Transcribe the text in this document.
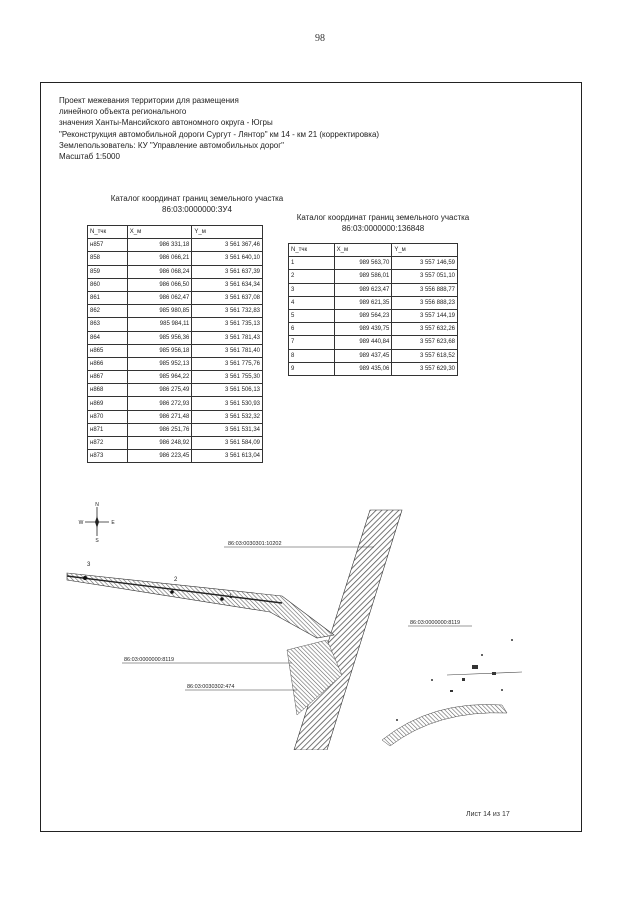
98
Проект межевания территории для размещения
линейного объекта регионального
значения Ханты-Мансийского автономного округа - Югры
"Реконструкция автомобильной дороги Сургут - Лянтор" км 14 - км 21 (корректировка)
Землепользователь: КУ "Управление автомобильных дорог"
Масштаб 1:5000
Каталог координат границ земельного участка
86:03:0000000:ЗУ4
N_тчк	X_м	Y_м
н857	986 331,18	3 561 367,46
858	986 066,21	3 561 640,10
859	986 068,24	3 561 637,39
860	986 066,50	3 561 634,34
861	986 062,47	3 561 637,08
862	985 980,85	3 561 732,83
863	985 984,11	3 561 735,13
864	985 956,36	3 561 781,43
н865	985 956,18	3 561 781,40
н866	985 952,13	3 561 775,76
н867	985 964,22	3 561 755,30
н868	986 275,49	3 561 506,13
н869	986 272,93	3 561 530,93
н870	986 271,48	3 561 532,32
н871	986 251,76	3 561 531,34
н872	986 248,92	3 561 584,09
н873	986 223,45	3 561 613,04
Каталог координат границ земельного участка
86:03:0000000:136848
N_тчк	X_м	Y_м
1	989 563,70	3 557 146,59
2	989 586,01	3 557 051,10
3	989 623,47	3 556 888,77
4	989 621,35	3 556 888,23
5	989 564,23	3 557 144,19
6	989 439,75	3 557 632,26
7	989 440,84	3 557 623,68
8	989 437,45	3 557 618,52
9	989 435,06	3 557 629,30
N
S
W	E
3
2
1
86:03:0030301:10202
86:03:0000000:8119
86:03:0030302:474
86:03:0000000:8119
Лист 14 из 17
